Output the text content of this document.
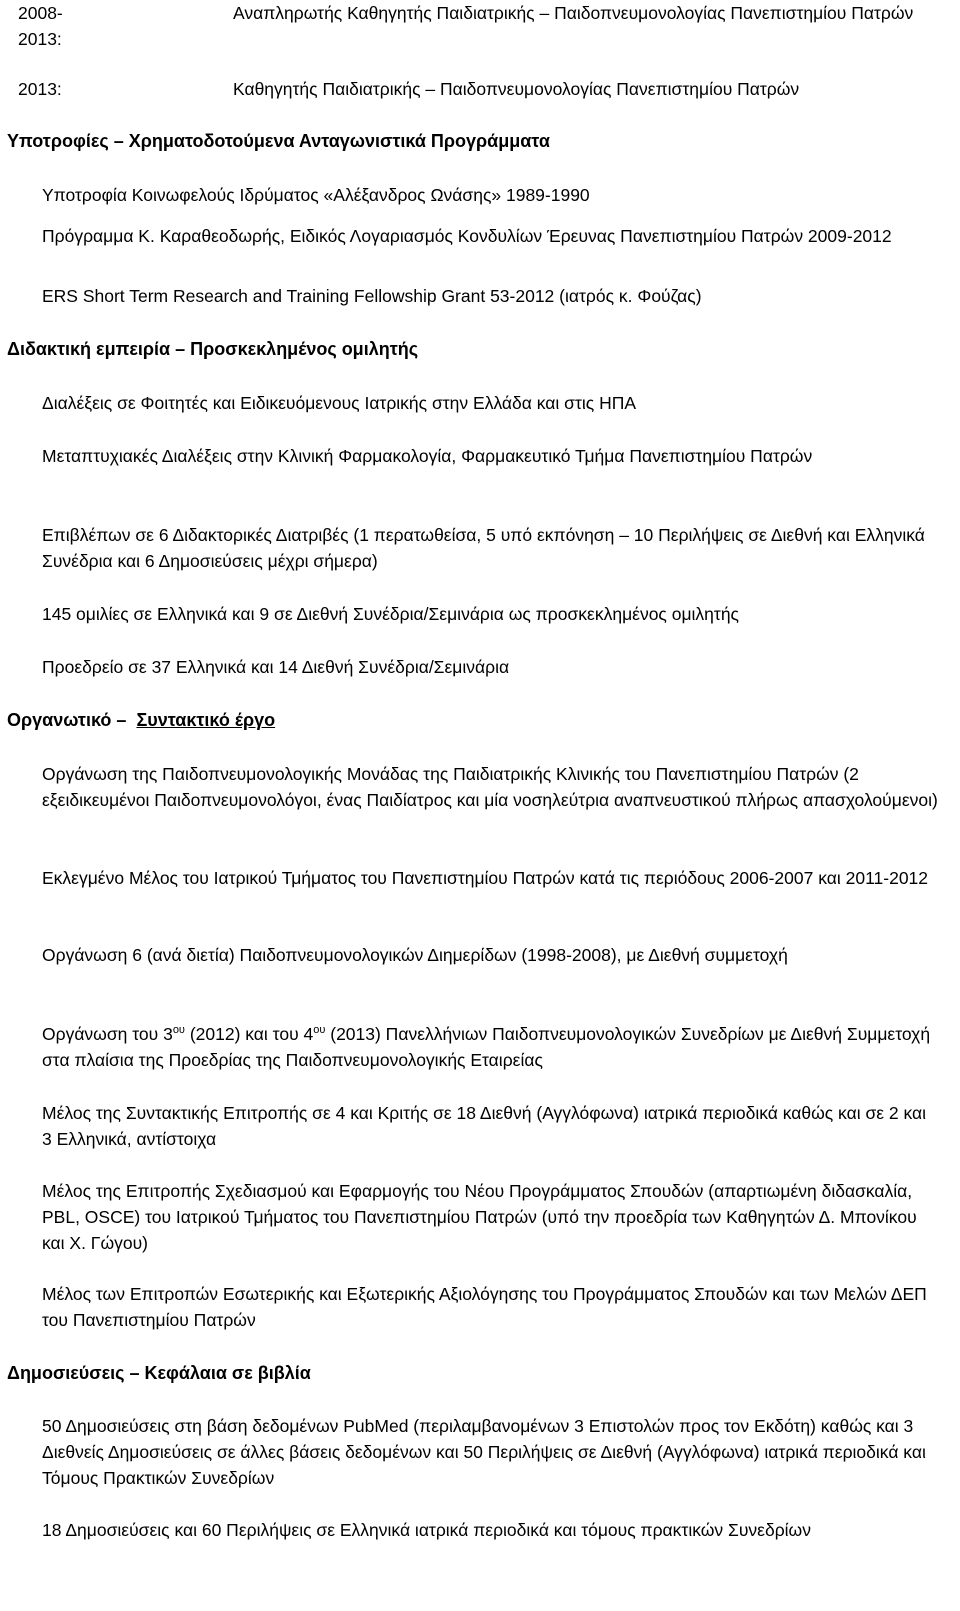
2008-2013:
Αναπληρωτής Καθηγητής Παιδιατρικής – Παιδοπνευμονολογίας Πανεπιστημίου Πατρών
2013:	Καθηγητής Παιδιατρικής – Παιδοπνευμονολογίας Πανεπιστημίου Πατρών
Υποτροφίες – Χρηματοδοτούμενα Ανταγωνιστικά Προγράμματα
Υποτροφία Κοινωφελούς Ιδρύματος «Αλέξανδρος Ωνάσης» 1989-1990
Πρόγραμμα Κ. Καραθεοδωρής, Ειδικός Λογαριασμός Κονδυλίων Έρευνας Πανεπιστημίου Πατρών 2009-2012
ERS Short Term Research and Training Fellowship Grant 53-2012 (ιατρός κ. Φούζας)
Διδακτική εμπειρία – Προσκεκλημένος ομιλητής
Διαλέξεις σε Φοιτητές και Ειδικευόμενους Ιατρικής στην Ελλάδα και στις ΗΠΑ
Μεταπτυχιακές Διαλέξεις στην Κλινική Φαρμακολογία, Φαρμακευτικό Τμήμα Πανεπιστημίου Πατρών
Επιβλέπων σε 6 Διδακτορικές Διατριβές (1 περατωθείσα, 5 υπό εκπόνηση – 10 Περιλήψεις σε Διεθνή και Ελληνικά Συνέδρια και 6 Δημοσιεύσεις μέχρι σήμερα)
145 ομιλίες σε Ελληνικά και 9 σε Διεθνή Συνέδρια/Σεμινάρια ως προσκεκλημένος ομιλητής
Προεδρείο σε 37 Ελληνικά και 14 Διεθνή Συνέδρια/Σεμινάρια
Οργανωτικό – Συντακτικό έργο
Οργάνωση της Παιδοπνευμονολογικής Μονάδας της Παιδιατρικής Κλινικής του Πανεπιστημίου Πατρών (2 εξειδικευμένοι Παιδοπνευμονολόγοι, ένας Παιδίατρος και μία νοσηλεύτρια αναπνευστικού πλήρως απασχολούμενοι)
Εκλεγμένο Μέλος του Ιατρικού Τμήματος του Πανεπιστημίου Πατρών κατά τις περιόδους 2006-2007 και 2011-2012
Οργάνωση 6 (ανά διετία) Παιδοπνευμονολογικών Διημερίδων (1998-2008), με Διεθνή συμμετοχή
Οργάνωση του $3^{o\upsilon}$ (2012) και του $4^{o\upsilon}$ (2013) Πανελλήνιων Παιδοπνευμονολογικών Συνεδρίων με Διεθνή Συμμετοχή στα πλαίσια της Προεδρίας της Παιδοπνευμονολογικής Εταιρείας
Μέλος της Συντακτικής Επιτροπής σε 4 και Κριτής σε 18 Διεθνή (Αγγλόφωνα) ιατρικά περιοδικά καθώς και σε 2 και 3 Ελληνικά, αντίστοιχα
Μέλος της Επιτροπής Σχεδιασμού και Εφαρμογής του Νέου Προγράμματος Σπουδών (απαρτιωμένη διδασκαλία, PBL, OSCE) του Ιατρικού Τμήματος του Πανεπιστημίου Πατρών (υπό την προεδρία των Καθηγητών Δ. Μπονίκου και Χ. Γώγου)
Μέλος των Επιτροπών Εσωτερικής και Εξωτερικής Αξιολόγησης του Προγράμματος Σπουδών και των Μελών ΔΕΠ του Πανεπιστημίου Πατρών
Δημοσιεύσεις – Κεφάλαια σε βιβλία
50 Δημοσιεύσεις στη βάση δεδομένων PubMed (περιλαμβανομένων 3 Επιστολών προς τον Εκδότη) καθώς και 3 Διεθνείς Δημοσιεύσεις σε άλλες βάσεις δεδομένων και 50 Περιλήψεις σε Διεθνή (Αγγλόφωνα) ιατρικά περιοδικά και Τόμους Πρακτικών Συνεδρίων
18 Δημοσιεύσεις και 60 Περιλήψεις σε Ελληνικά ιατρικά περιοδικά και τόμους πρακτικών Συνεδρίων
